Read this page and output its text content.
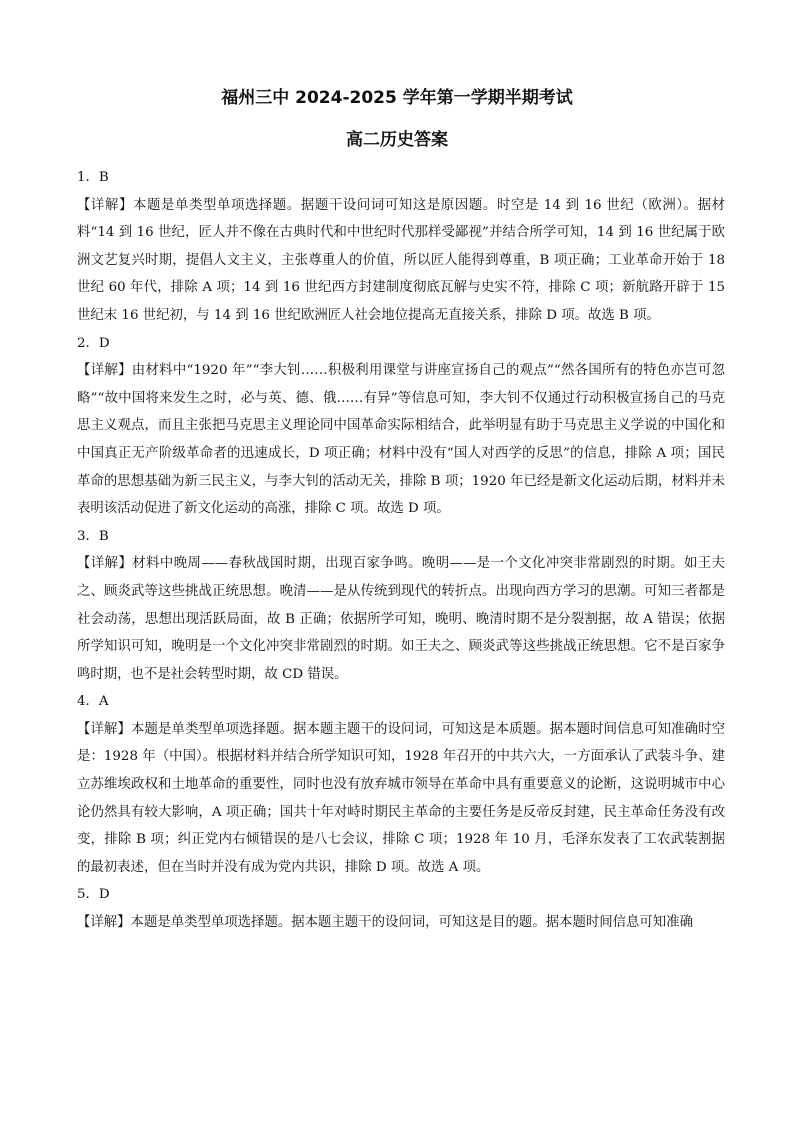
福州三中 2024-2025 学年第一学期半期考试
高二历史答案

1．B

【详解】本题是单类型单项选择题。据题干设问词可知这是原因题。时空是 14 到 16 世纪（欧洲）。据材料“14 到 16 世纪，匠人并不像在古典时代和中世纪时代那样受鄙视”并结合所学可知，14 到 16 世纪属于欧洲文艺复兴时期，提倡人文主义，主张尊重人的价值，所以匠人能得到尊重，B 项正确；工业革命开始于 18 世纪 60 年代，排除 A 项；14 到 16 世纪西方封建制度彻底瓦解与史实不符，排除 C 项；新航路开辟于 15 世纪末 16 世纪初，与 14 到 16 世纪欧洲匠人社会地位提高无直接关系，排除 D 项。故选 B 项。

2．D

【详解】由材料中“1920 年”“李大钊……积极利用课堂与讲座宣扬自己的观点”“然各国所有的特色亦岂可忽略”“故中国将来发生之时，必与英、德、俄……有异”等信息可知，李大钊不仅通过行动积极宣扬自己的马克思主义观点，而且主张把马克思主义理论同中国革命实际相结合，此举明显有助于马克思主义学说的中国化和中国真正无产阶级革命者的迅速成长，D 项正确；材料中没有“国人对西学的反思”的信息，排除 A 项；国民革命的思想基础为新三民主义，与李大钊的活动无关，排除 B 项；1920 年已经是新文化运动后期，材料并未表明该活动促进了新文化运动的高涨，排除 C 项。故选 D 项。

3．B

【详解】材料中晚周——春秋战国时期，出现百家争鸣。晚明——是一个文化冲突非常剧烈的时期。如王夫之、顾炎武等这些挑战正统思想。晚清——是从传统到现代的转折点。出现向西方学习的思潮。可知三者都是社会动荡，思想出现活跃局面，故 B 正确；依据所学可知，晚明、晚清时期不是分裂割据，故 A 错误；依据所学知识可知，晚明是一个文化冲突非常剧烈的时期。如王夫之、顾炎武等这些挑战正统思想。它不是百家争鸣时期，也不是社会转型时期，故 CD 错误。

4．A

【详解】本题是单类型单项选择题。据本题主题干的设问词，可知这是本质题。据本题时间信息可知准确时空是：1928 年（中国）。根据材料并结合所学知识可知，1928 年召开的中共六大，一方面承认了武装斗争、建立苏维埃政权和土地革命的重要性，同时也没有放弃城市领导在革命中具有重要意义的论断，这说明城市中心论仍然具有较大影响，A 项正确；国共十年对峙时期民主革命的主要任务是反帝反封建，民主革命任务没有改变，排除 B 项；纠正党内右倾错误的是八七会议，排除 C 项；1928 年 10 月，毛泽东发表了工农武装割据的最初表述，但在当时并没有成为党内共识，排除 D 项。故选 A 项。

5．D

【详解】本题是单类型单项选择题。据本题主题干的设问词，可知这是目的题。据本题时间信息可知准确
